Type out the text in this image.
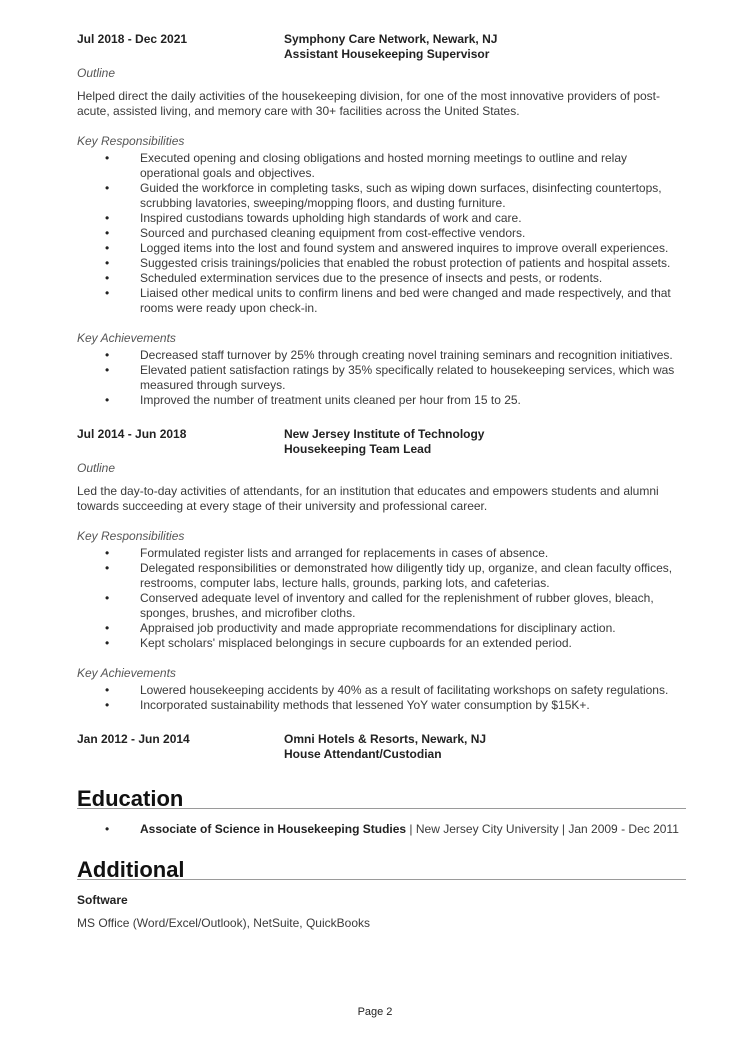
Jul 2018 - Dec 2021	Symphony Care Network, Newark, NJ
Assistant Housekeeping Supervisor

Outline

Helped direct the daily activities of the housekeeping division, for one of the most innovative providers of post-acute, assisted living, and memory care with 30+ facilities across the United States.

Key Responsibilities

• Executed opening and closing obligations and hosted morning meetings to outline and relay operational goals and objectives.
• Guided the workforce in completing tasks, such as wiping down surfaces, disinfecting countertops, scrubbing lavatories, sweeping/mopping floors, and dusting furniture.
• Inspired custodians towards upholding high standards of work and care.
• Sourced and purchased cleaning equipment from cost-effective vendors.
• Logged items into the lost and found system and answered inquires to improve overall experiences.
• Suggested crisis trainings/policies that enabled the robust protection of patients and hospital assets.
• Scheduled extermination services due to the presence of insects and pests, or rodents.
• Liaised other medical units to confirm linens and bed were changed and made respectively, and that rooms were ready upon check-in.

Key Achievements

• Decreased staff turnover by 25% through creating novel training seminars and recognition initiatives.
• Elevated patient satisfaction ratings by 35% specifically related to housekeeping services, which was measured through surveys.
• Improved the number of treatment units cleaned per hour from 15 to 25.
Jul 2014 - Jun 2018	New Jersey Institute of Technology
Housekeeping Team Lead

Outline

Led the day-to-day activities of attendants, for an institution that educates and empowers students and alumni towards succeeding at every stage of their university and professional career.

Key Responsibilities

• Formulated register lists and arranged for replacements in cases of absence.
• Delegated responsibilities or demonstrated how diligently tidy up, organize, and clean faculty offices, restrooms, computer labs, lecture halls, grounds, parking lots, and cafeterias.
• Conserved adequate level of inventory and called for the replenishment of rubber gloves, bleach, sponges, brushes, and microfiber cloths.
• Appraised job productivity and made appropriate recommendations for disciplinary action.
• Kept scholars' misplaced belongings in secure cupboards for an extended period.

Key Achievements

• Lowered housekeeping accidents by 40% as a result of facilitating workshops on safety regulations.
• Incorporated sustainability methods that lessened YoY water consumption by $15K+.
Jan 2012 - Jun 2014	Omni Hotels & Resorts, Newark, NJ
House Attendant/Custodian
Education
• Associate of Science in Housekeeping Studies | New Jersey City University | Jan 2009 - Dec 2011
Additional
Software
MS Office (Word/Excel/Outlook), NetSuite, QuickBooks
Page 2
